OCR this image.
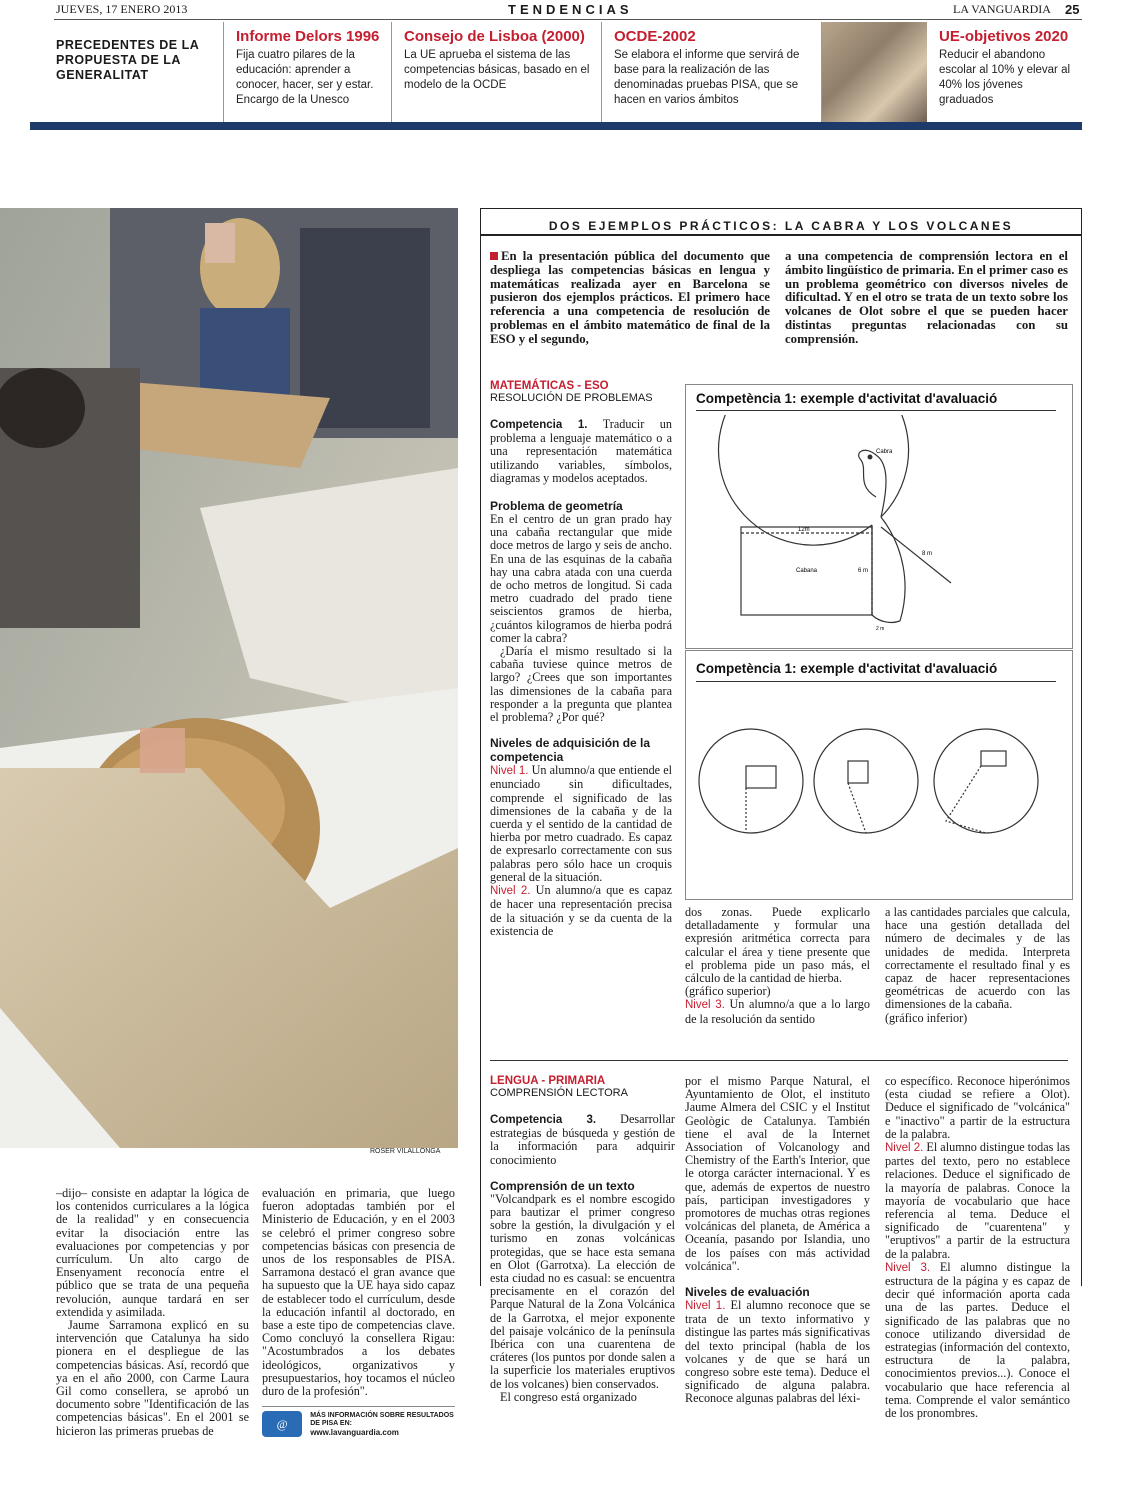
JUEVES, 17 ENERO 2013	TENDENCIAS	LA VANGUARDIA 25
PRECEDENTES DE LA PROPUESTA DE LA GENERALITAT
Informe Delors 1996
Fija cuatro pilares de la educación: aprender a conocer, hacer, ser y estar. Encargo de la Unesco
Consejo de Lisboa (2000)
La UE aprueba el sistema de las competencias básicas, basado en el modelo de la OCDE
OCDE-2002
Se elabora el informe que servirá de base para la realización de las denominadas pruebas PISA, que se hacen en varios ámbitos
UE-objetivos 2020
Reducir el abandono escolar al 10% y elevar al 40% los jóvenes graduados
ROSER VILALLONGA
DOS EJEMPLOS PRÁCTICOS: LA CABRA Y LOS VOLCANES
En la presentación pública del documento que despliega las competencias básicas en lengua y matemáticas realizada ayer en Barcelona se pusieron dos ejemplos prácticos. El primero hace referencia a una competencia de resolución de problemas en el ámbito matemático de final de la ESO y el segundo,
a una competencia de comprensión lectora en el ámbito lingüístico de primaria. En el primer caso es un problema geométrico con diversos niveles de dificultad. Y en el otro se trata de un texto sobre los volcanes de Olot sobre el que se pueden hacer distintas preguntas relacionadas con su comprensión.
MATEMÁTICAS - ESO
RESOLUCIÓN DE PROBLEMAS
Competencia 1. Traducir un problema a lenguaje matemático o a una representación matemática utilizando variables, símbolos, diagramas y modelos aceptados.
Problema de geometría
En el centro de un gran prado hay una cabaña rectangular que mide doce metros de largo y seis de ancho. En una de las esquinas de la cabaña hay una cabra atada con una cuerda de ocho metros de longitud. Si cada metro cuadrado del prado tiene seiscientos gramos de hierba, ¿cuántos kilogramos de hierba podrá comer la cabra?
¿Daría el mismo resultado si la cabaña tuviese quince metros de largo? ¿Crees que son importantes las dimensiones de la cabaña para responder a la pregunta que plantea el problema? ¿Por qué?
Niveles de adquisición de la competencia
Nivel 1. Un alumno/a que entiende el enunciado sin dificultades, comprende el significado de las dimensiones de la cabaña y de la cuerda y el sentido de la cantidad de hierba por metro cuadrado. Es capaz de expresarlo correctamente con sus palabras pero sólo hace un croquis general de la situación.
Nivel 2. Un alumno/a que es capaz de hacer una representación precisa de la situación y se da cuenta de la existencia de
Competència 1: exemple d'activitat d'avaluació
Cabra
12m
Cabana	6 m
8 m
2 m
Competència 1: exemple d'activitat d'avaluació
dos zonas. Puede explicarlo detalladamente y formular una expresión aritmética correcta para calcular el área y tiene presente que el problema pide un paso más, el cálculo de la cantidad de hierba.
(gráfico superior)
Nivel 3. Un alumno/a que a lo largo de la resolución da sentido
a las cantidades parciales que calcula, hace una gestión detallada del número de decimales y de las unidades de medida. Interpreta correctamente el resultado final y es capaz de hacer representaciones geométricas de acuerdo con las dimensiones de la cabaña.
(gráfico inferior)
LENGUA - PRIMARIA
COMPRENSIÓN LECTORA
Competencia 3. Desarrollar estrategias de búsqueda y gestión de la información para adquirir conocimiento
Comprensión de un texto
"Volcandpark es el nombre escogido para bautizar el primer congreso sobre la gestión, la divulgación y el turismo en zonas volcánicas protegidas, que se hace esta semana en Olot (Garrotxa). La elección de esta ciudad no es casual: se encuentra precisamente en el corazón del Parque Natural de la Zona Volcánica de la Garrotxa, el mejor exponente del paisaje volcánico de la península Ibérica con una cuarentena de cráteres (los puntos por donde salen a la superficie los materiales eruptivos de los volcanes) bien conservados.
El congreso está organizado
por el mismo Parque Natural, el Ayuntamiento de Olot, el instituto Jaume Almera del CSIC y el Institut Geològic de Catalunya. También tiene el aval de la Internet Association of Volcanology and Chemistry of the Earth's Interior, que le otorga carácter internacional. Y es que, además de expertos de nuestro país, participan investigadores y promotores de muchas otras regiones volcánicas del planeta, de América a Oceanía, pasando por Islandia, uno de los países con más actividad volcánica".
Niveles de evaluación
Nivel 1. El alumno reconoce que se trata de un texto informativo y distingue las partes más significativas del texto principal (habla de los volcanes y de que se hará un congreso sobre este tema). Deduce el significado de alguna palabra. Reconoce algunas palabras del léxi-
co específico. Reconoce hiperónimos (esta ciudad se refiere a Olot). Deduce el significado de "volcánica" e "inactivo" a partir de la estructura de la palabra.
Nivel 2. El alumno distingue todas las partes del texto, pero no establece relaciones. Deduce el significado de la mayoría de palabras. Conoce la mayoría de vocabulario que hace referencia al tema. Deduce el significado de "cuarentena" y "eruptivos" a partir de la estructura de la palabra.
Nivel 3. El alumno distingue la estructura de la página y es capaz de decir qué información aporta cada una de las partes. Deduce el significado de las palabras que no conoce utilizando diversidad de estrategias (información del contexto, estructura de la palabra, conocimientos previos...). Conoce el vocabulario que hace referencia al tema. Comprende el valor semántico de los pronombres.
–dijo– consiste en adaptar la lógica de los contenidos curriculares a la lógica de la realidad" y en consecuencia evitar la disociación entre las evaluaciones por competencias y por currículum. Un alto cargo de Ensenyament reconocía entre el público que se trata de una pequeña revolución, aunque tardará en ser extendida y asimilada.
Jaume Sarramona explicó en su intervención que Catalunya ha sido pionera en el despliegue de las competencias básicas. Así, recordó que ya en el año 2000, con Carme Laura Gil como consellera, se aprobó un documento sobre "Identificación de las competencias básicas". En el 2001 se hicieron las primeras pruebas de
evaluación en primaria, que luego fueron adoptadas también por el Ministerio de Educación, y en el 2003 se celebró el primer congreso sobre competencias básicas con presencia de unos de los responsables de PISA. Sarramona destacó el gran avance que ha supuesto que la UE haya sido capaz de establecer todo el currículum, desde la educación infantil al doctorado, en base a este tipo de competencias clave. Como concluyó la consellera Rigau: "Acostumbrados a los debates ideológicos, organizativos y presupuestarios, hoy tocamos el núcleo duro de la profesión".
@
MÁS INFORMACIÓN SOBRE RESULTADOS DE PISA EN:
www.lavanguardia.com
